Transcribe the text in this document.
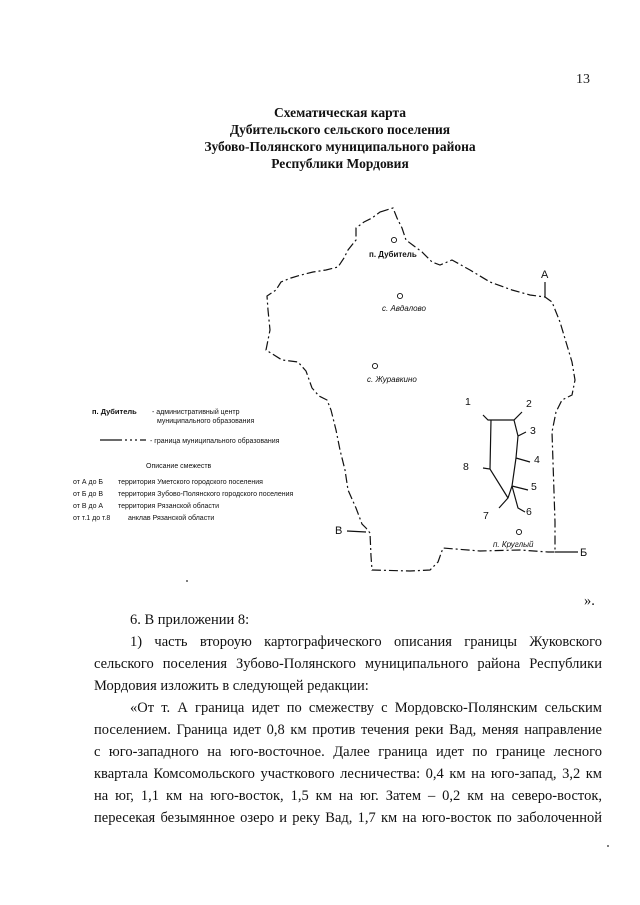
13
Схематическая карта
Дубительского сельского поселения
Зубово-Полянского муниципального района
Республики Мордовия
п. Дубитель
с. Авдалово
с. Журавкино
п. Круглый
А
В
Б
1	2
3
4
5
6
7
8
п. Дубитель - административный центр
муниципального образования
- граница муниципального образования
Описание смежеств
от А до Б территория Уметского городского поселения
от Б до В территория Зубово-Полянского городского поселения
от В до А территория Рязанской области
от т.1 до т.8	анклав Рязанской области
».
6. В приложении 8:
1) часть второую картографического описания границы Жуковского
сельского поселения Зубово-Полянского муниципального района Республики
Мордовия изложить в следующей редакции:
«От т. А граница идет по смежеству с Мордовско-Полянским сельским
поселением. Граница идет 0,8 км против течения реки Вад, меняя направление
с юго-западного на юго-восточное. Далее граница идет по границе лесного
квартала Комсомольского участкового лесничества: 0,4 км на юго-запад, 3,2 км
на юг, 1,1 км на юго-восток, 1,5 км на юг. Затем – 0,2 км на северо-восток,
пересекая безымянное озеро и реку Вад, 1,7 км на юго-восток по заболоченной
